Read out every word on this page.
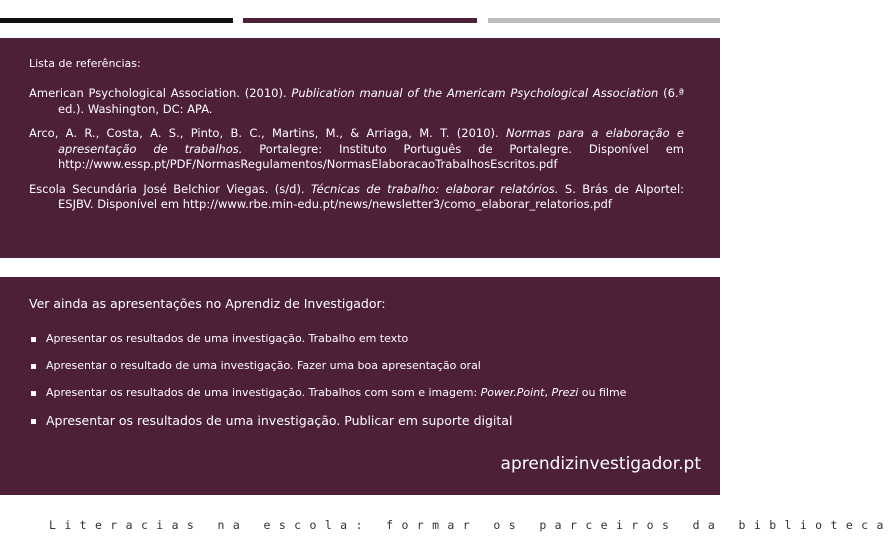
Lista de referências:

American Psychological Association. (2010). Publication manual of the Americam Psychological Association (6.ª ed.). Washington, DC: APA.

Arco, A. R., Costa, A. S., Pinto, B. C., Martins, M., & Arriaga, M. T. (2010). Normas para a elaboração e apresentação de trabalhos. Portalegre: Instituto Português de Portalegre. Disponível em http://www.essp.pt/PDF/NormasRegulamentos/NormasElaboracaoTrabalhosEscritos.pdf

Escola Secundária José Belchior Viegas. (s/d). Técnicas de trabalho: elaborar relatórios. S. Brás de Alportel: ESJBV. Disponível em http://www.rbe.min-edu.pt/news/newsletter3/como_elaborar_relatorios.pdf

Ver ainda as apresentações no Aprendiz de Investigador:

Apresentar os resultados de uma investigação. Trabalho em texto
Apresentar o resultado de uma investigação. Fazer uma boa apresentação oral
Apresentar os resultados de uma investigação. Trabalhos com som e imagem: Power.Point, Prezi ou filme
Apresentar os resultados de uma investigação. Publicar em suporte digital
aprendizinvestigador.pt
Literacias na escola: formar os parceiros da biblioteca
